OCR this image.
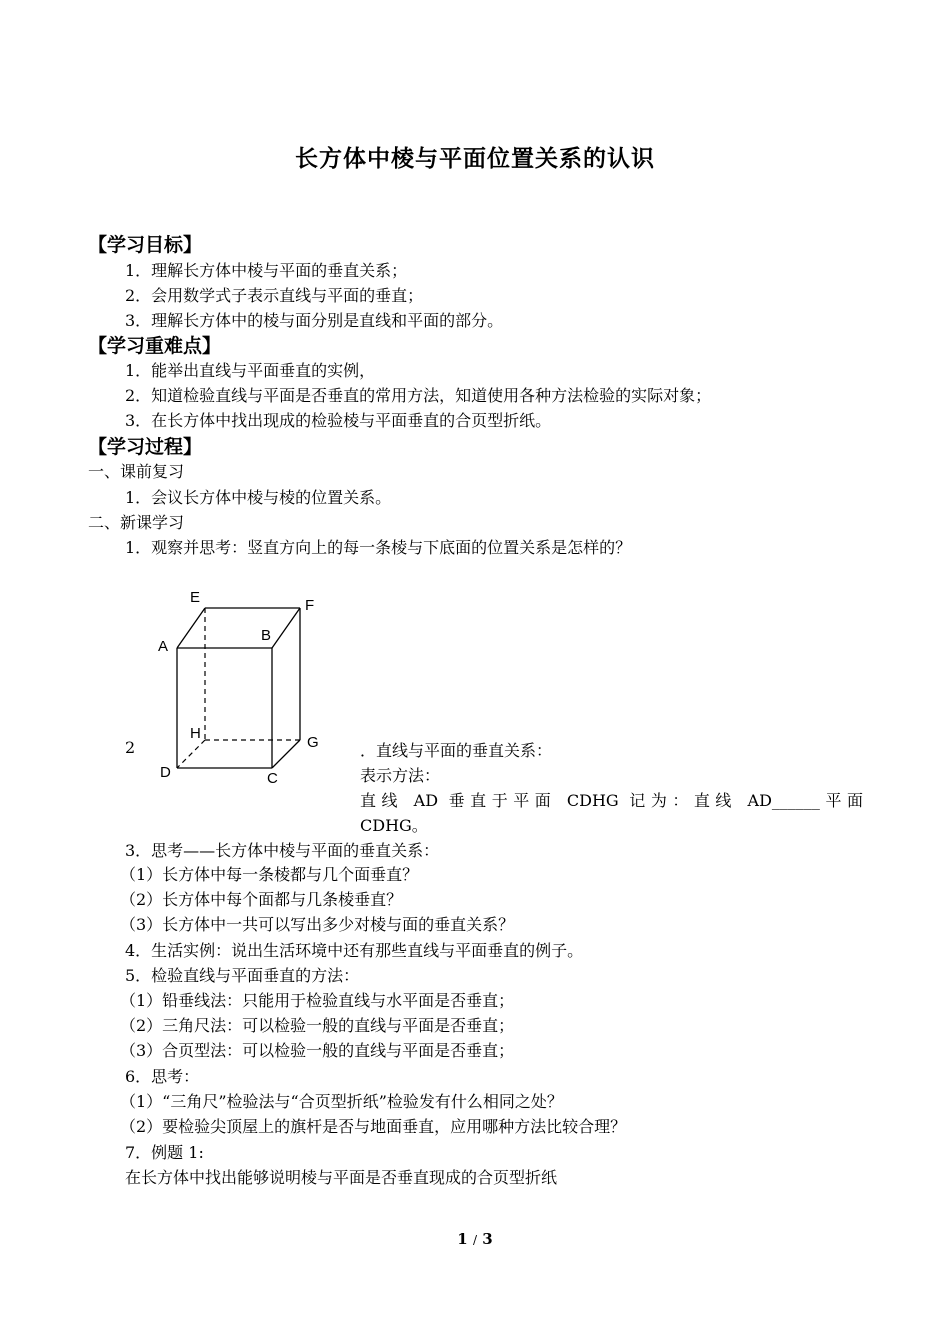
长方体中棱与平面位置关系的认识
【学习目标】
1．理解长方体中棱与平面的垂直关系；
2．会用数学式子表示直线与平面的垂直；
3．理解长方体中的棱与面分别是直线和平面的部分。
【学习重难点】
1．能举出直线与平面垂直的实例，
2．知道检验直线与平面是否垂直的常用方法，知道使用各种方法检验的实际对象；
3．在长方体中找出现成的检验棱与平面垂直的合页型折纸。
【学习过程】
一、课前复习
1．会议长方体中棱与棱的位置关系。
二、新课学习
1．观察并思考：竖直方向上的每一条棱与下底面的位置关系是怎样的？
E	F
A
B
H
G
D	C
2	．直线与平面的垂直关系：
表示方法：
直线 AD 垂直于平面 CDHG 记为：直线 AD______平面
CDHG。
3．思考——长方体中棱与平面的垂直关系：
（1）长方体中每一条棱都与几个面垂直？
（2）长方体中每个面都与几条棱垂直？
（3）长方体中一共可以写出多少对棱与面的垂直关系？
4．生活实例：说出生活环境中还有那些直线与平面垂直的例子。
5．检验直线与平面垂直的方法：
（1）铅垂线法：只能用于检验直线与水平面是否垂直；
（2）三角尺法：可以检验一般的直线与平面是否垂直；
（3）合页型法：可以检验一般的直线与平面是否垂直；
6．思考：
（1）“三角尺”检验法与“合页型折纸”检验发有什么相同之处？
（2）要检验尖顶屋上的旗杆是否与地面垂直，应用哪种方法比较合理？
7．例题 1:
在长方体中找出能够说明棱与平面是否垂直现成的合页型折纸
1 / 3
